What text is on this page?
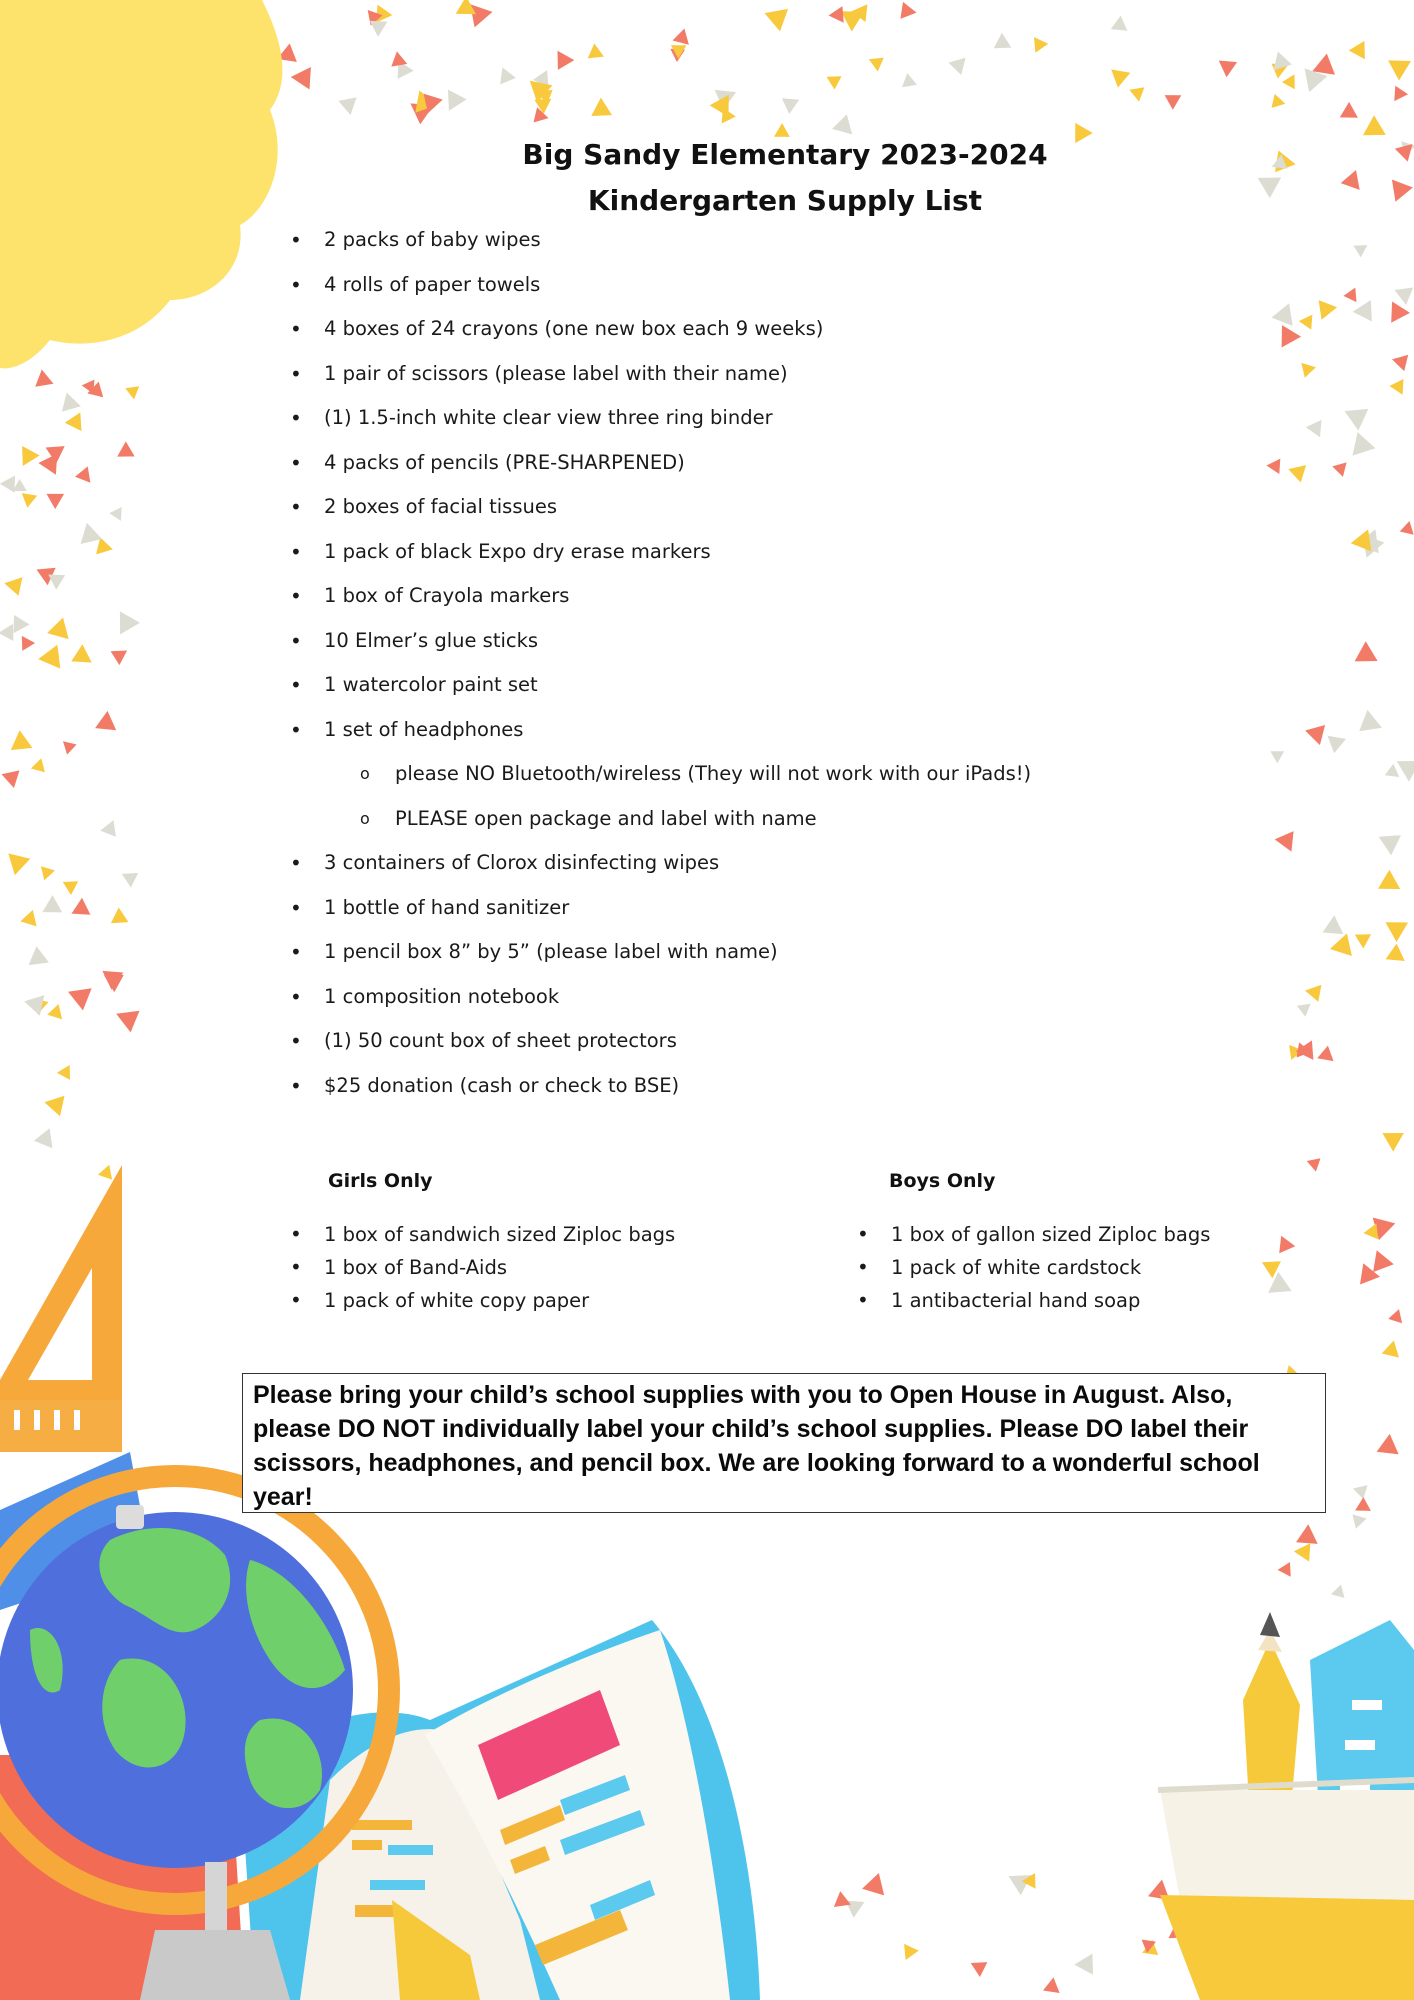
Big Sandy Elementary 2023-2024
Kindergarten Supply List
• 2 packs of baby wipes
• 4 rolls of paper towels
• 4 boxes of 24 crayons (one new box each 9 weeks)
• 1 pair of scissors (please label with their name)
• (1) 1.5-inch white clear view three ring binder
• 4 packs of pencils (PRE-SHARPENED)
• 2 boxes of facial tissues
• 1 pack of black Expo dry erase markers
• 1 box of Crayola markers
• 10 Elmer’s glue sticks
• 1 watercolor paint set
• 1 set of headphones
o please NO Bluetooth/wireless (They will not work with our iPads!)
o PLEASE open package and label with name
• 3 containers of Clorox disinfecting wipes
• 1 bottle of hand sanitizer
• 1 pencil box 8” by 5” (please label with name)
• 1 composition notebook
• (1) 50 count box of sheet protectors
• $25 donation (cash or check to BSE)
Girls Only
• 1 box of sandwich sized Ziploc bags
• 1 box of Band-Aids
• 1 pack of white copy paper
Boys Only
• 1 box of gallon sized Ziploc bags
• 1 pack of white cardstock
• 1 antibacterial hand soap
Please bring your child’s school supplies with you to Open House in August. Also, please DO NOT individually label your child’s school supplies. Please DO label their scissors, headphones, and pencil box. We are looking forward to a wonderful school year!
